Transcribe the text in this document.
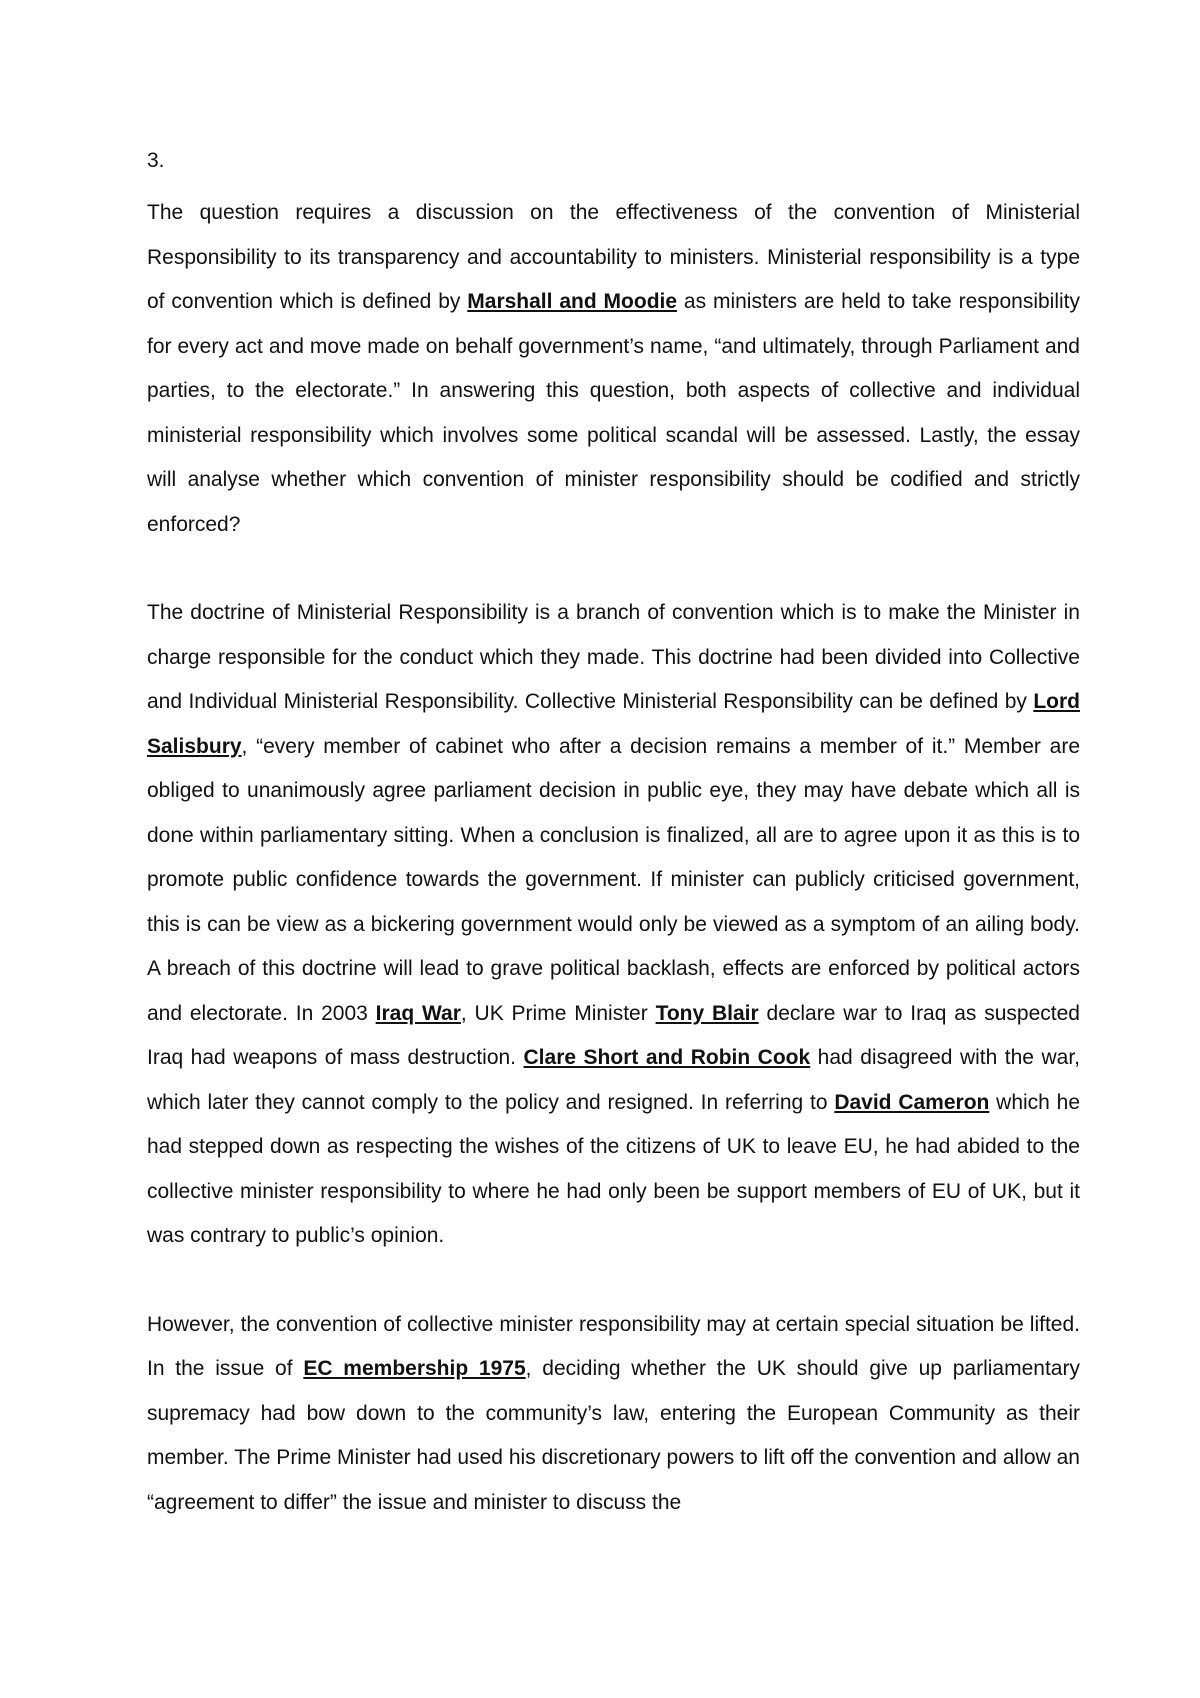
3.

The question requires a discussion on the effectiveness of the convention of Ministerial Responsibility to its transparency and accountability to ministers. Ministerial responsibility is a type of convention which is defined by Marshall and Moodie as ministers are held to take responsibility for every act and move made on behalf government’s name, “and ultimately, through Parliament and parties, to the electorate.” In answering this question, both aspects of collective and individual ministerial responsibility which involves some political scandal will be assessed. Lastly, the essay will analyse whether which convention of minister responsibility should be codified and strictly enforced?

The doctrine of Ministerial Responsibility is a branch of convention which is to make the Minister in charge responsible for the conduct which they made. This doctrine had been divided into Collective and Individual Ministerial Responsibility. Collective Ministerial Responsibility can be defined by Lord Salisbury, “every member of cabinet who after a decision remains a member of it.” Member are obliged to unanimously agree parliament decision in public eye, they may have debate which all is done within parliamentary sitting. When a conclusion is finalized, all are to agree upon it as this is to promote public confidence towards the government. If minister can publicly criticised government, this is can be view as a bickering government would only be viewed as a symptom of an ailing body. A breach of this doctrine will lead to grave political backlash, effects are enforced by political actors and electorate. In 2003 Iraq War, UK Prime Minister Tony Blair declare war to Iraq as suspected Iraq had weapons of mass destruction. Clare Short and Robin Cook had disagreed with the war, which later they cannot comply to the policy and resigned. In referring to David Cameron which he had stepped down as respecting the wishes of the citizens of UK to leave EU, he had abided to the collective minister responsibility to where he had only been be support members of EU of UK, but it was contrary to public’s opinion.

However, the convention of collective minister responsibility may at certain special situation be lifted. In the issue of EC membership 1975, deciding whether the UK should give up parliamentary supremacy had bow down to the community’s law, entering the European Community as their member. The Prime Minister had used his discretionary powers to lift off the convention and allow an “agreement to differ” the issue and minister to discuss the
